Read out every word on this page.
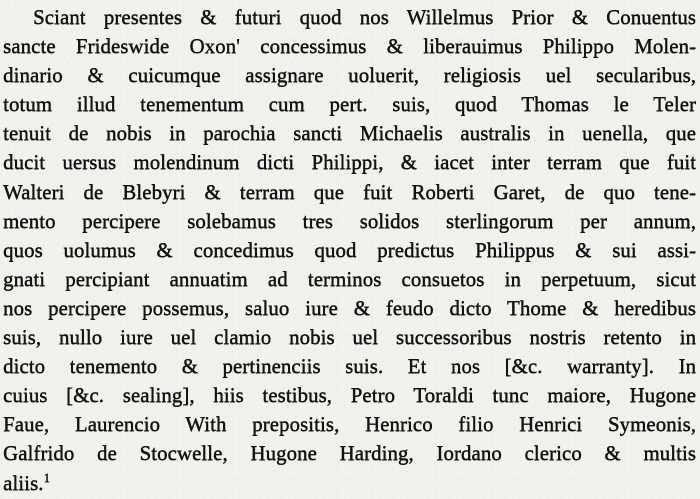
Sciant presentes & futuri quod nos Willelmus Prior & Conuentus
sancte Frideswide Oxon' concessimus & liberauimus Philippo Molen-
dinario & cuicumque assignare uoluerit, religiosis uel secularibus,
totum illud tenementum cum pert. suis, quod Thomas le Teler
tenuit de nobis in parochia sancti Michaelis australis in uenella, que
ducit uersus molendinum dicti Philippi, & iacet inter terram que fuit
Walteri de Blebyri & terram que fuit Roberti Garet, de quo tene-
mento percipere solebamus tres solidos sterlingorum per annum,
quos uolumus & concedimus quod predictus Philippus & sui assi-
gnati percipiant annuatim ad terminos consuetos in perpetuum, sicut
nos percipere possemus, saluo iure & feudo dicto Thome & heredibus
suis, nullo iure uel clamio nobis uel successoribus nostris retento in
dicto tenemento & pertinenciis suis. Et nos [&c. warranty]. In
cuius [&c. sealing], hiis testibus, Petro Toraldi tunc maiore, Hugone
Faue, Laurencio With prepositis, Henrico filio Henrici Symeonis,
Galfrido de Stocwelle, Hugone Harding, Iordano clerico & multis
aliis.$^1$
